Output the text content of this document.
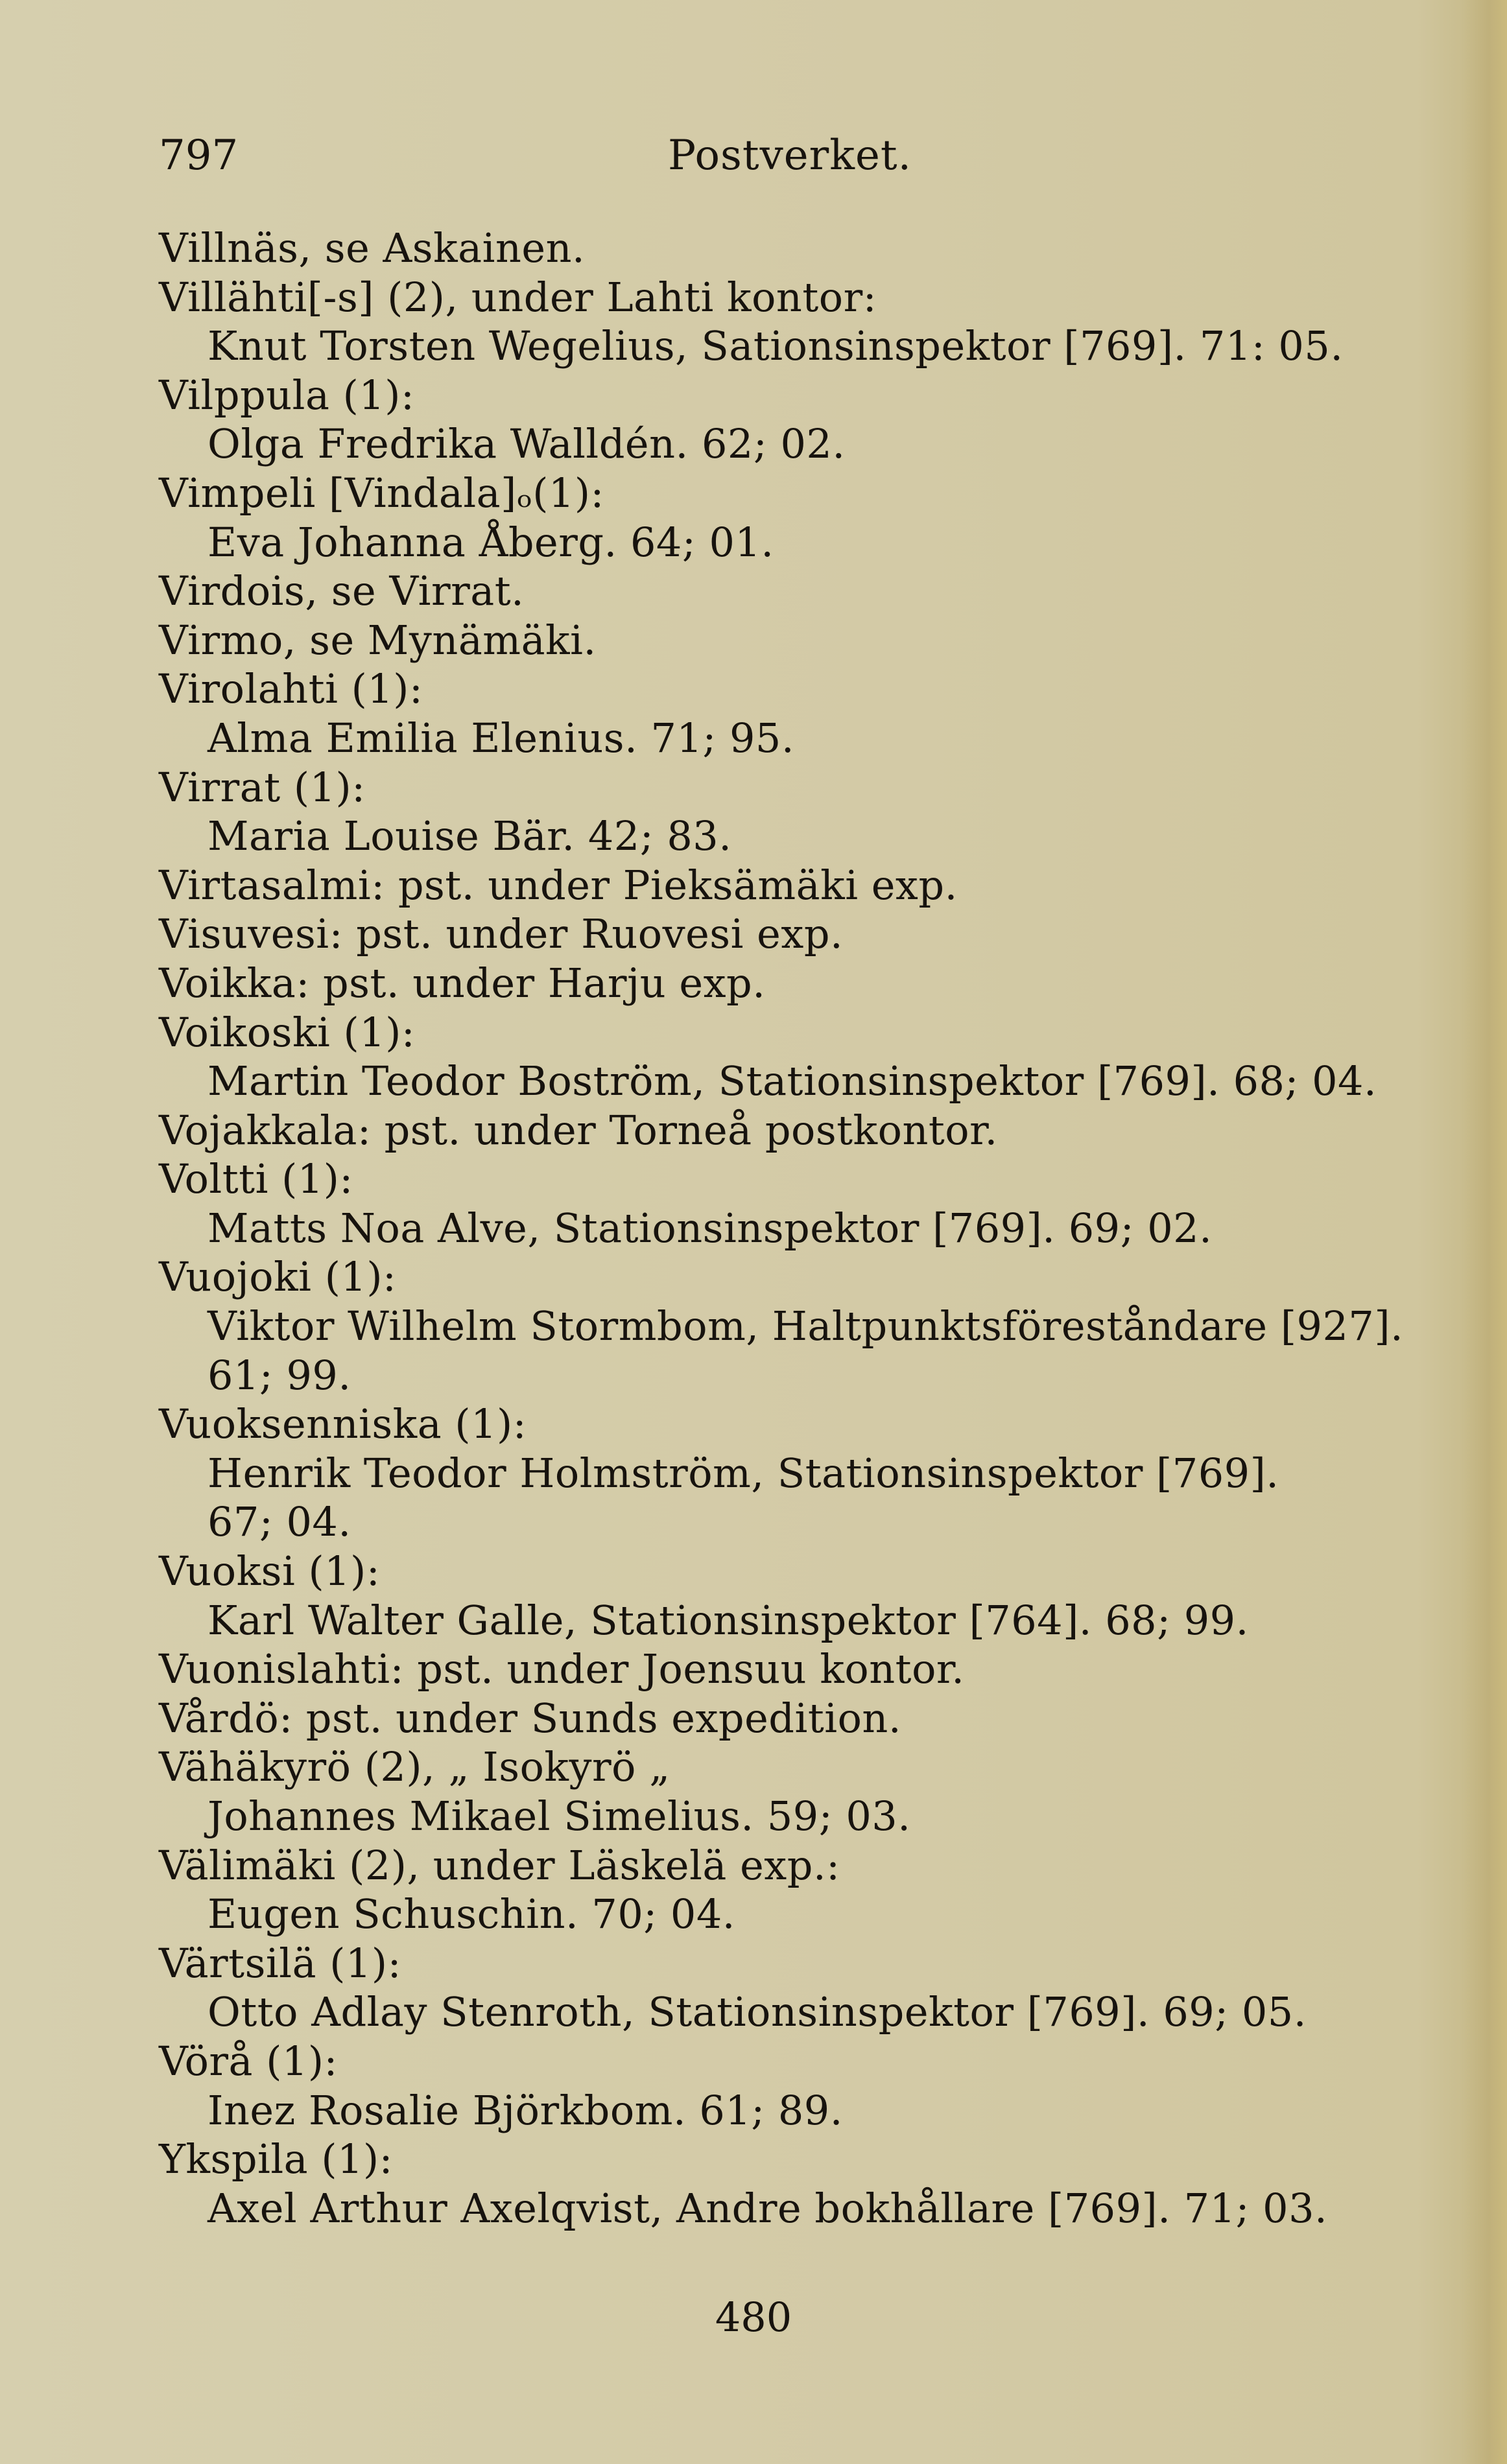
797	Postverket.
Villnäs, se Askainen.
Villähti[-s] (2), under Lahti kontor:
Knut Torsten Wegelius, Sationsinspektor [769]. 71: 05.
Vilppula (1):
Olga Fredrika Walldén. 62; 02.
Vimpeli [Vindala]ₒ(1):
Eva Johanna Åberg. 64; 01.
Virdois, se Virrat.
Virmo, se Mynämäki.
Virolahti (1):
Alma Emilia Elenius. 71; 95.
Virrat (1):
Maria Louise Bär. 42; 83.
Virtasalmi: pst. under Pieksämäki exp.
Visuvesi: pst. under Ruovesi exp.
Voikka: pst. under Harju exp.
Voikoski (1):
Martin Teodor Boström, Stationsinspektor [769]. 68; 04.
Vojakkala: pst. under Torneå postkontor.
Voltti (1):
Matts Noa Alve, Stationsinspektor [769]. 69; 02.
Vuojoki (1):
Viktor Wilhelm Stormbom, Haltpunktsföreståndare [927].
61; 99.
Vuoksenniska (1):
Henrik Teodor Holmström, Stationsinspektor [769].
67; 04.
Vuoksi (1):
Karl Walter Galle, Stationsinspektor [764]. 68; 99.
Vuonislahti: pst. under Joensuu kontor.
Vårdö: pst. under Sunds expedition.
Vähäkyrö (2), „ Isokyrö „
Johannes Mikael Simelius. 59; 03.
Välimäki (2), under Läskelä exp.:
Eugen Schuschin. 70; 04.
Värtsilä (1):
Otto Adlay Stenroth, Stationsinspektor [769]. 69; 05.
Vörå (1):
Inez Rosalie Björkbom. 61; 89.
Ykspila (1):
Axel Arthur Axelqvist, Andre bokhållare [769]. 71; 03.
480
